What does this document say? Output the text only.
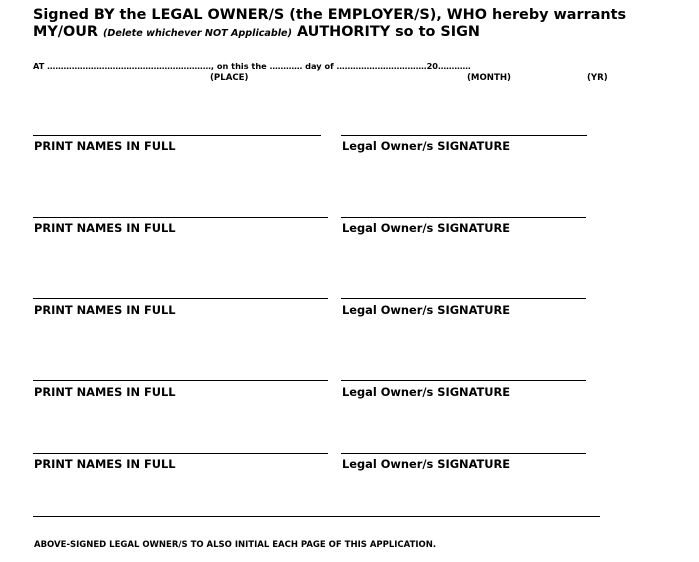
Signed BY the LEGAL OWNER/S (the EMPLOYER/S), WHO hereby warrants
MY/OUR (Delete whichever NOT Applicable) AUTHORITY so to SIGN
AT ……………………………………………………, on this the ………… day of ……………………………20…………
(PLACE)	(MONTH)	(YR)
PRINT NAMES IN FULL	Legal Owner/s SIGNATURE
PRINT NAMES IN FULL	Legal Owner/s SIGNATURE
PRINT NAMES IN FULL	Legal Owner/s SIGNATURE
PRINT NAMES IN FULL	Legal Owner/s SIGNATURE
PRINT NAMES IN FULL	Legal Owner/s SIGNATURE
ABOVE-SIGNED LEGAL OWNER/S TO ALSO INITIAL EACH PAGE OF THIS APPLICATION.
